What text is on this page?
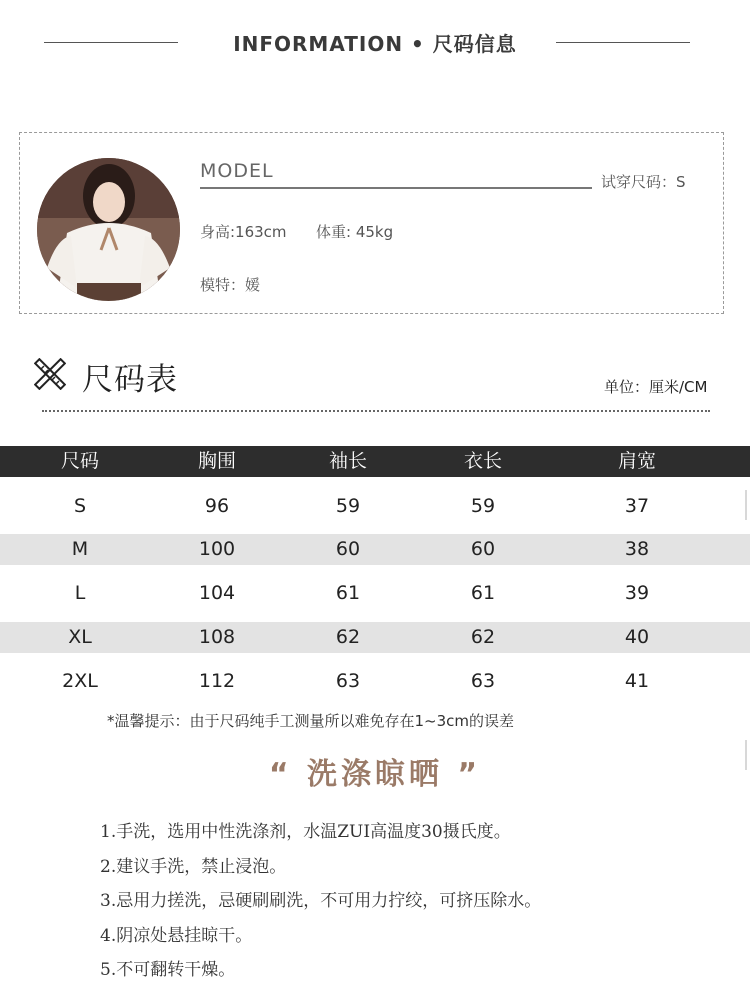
INFORMATION • 尺码信息
MODEL	试穿尺码：S
身高:163cm 体重: 45kg
模特：媛
尺码表	单位：厘米/CM
尺码	胸围	袖长	衣长	肩宽
S	96	59	59	37
M	100	60	60	38
L	104	61	61	39
XL	108	62	62	40
2XL	112	63	63	41
*温馨提示：由于尺码纯手工测量所以难免存在1~3cm的误差
“ 洗涤晾晒 ”
1.手洗，选用中性洗涤剂，水温ZUI高温度30摄氏度。
2.建议手洗，禁止浸泡。
3.忌用力搓洗，忌硬刷刷洗，不可用力拧绞，可挤压除水。
4.阴凉处悬挂晾干。
5.不可翻转干燥。
